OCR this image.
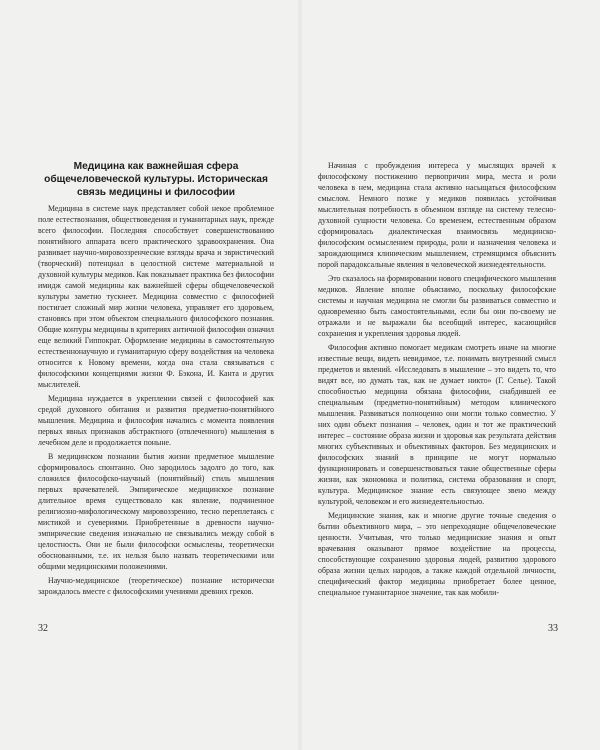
Медицина как важнейшая сфера общечеловеческой культуры. Историческая связь медицины и философии

Медицина в системе наук представляет собой некое проблемное поле естествознания, обществоведения и гуманитарных наук, прежде всего философии. Последняя способствует совершенствованию понятийного аппарата всего практического здравоохранения. Она развивает научно-мировоззренческие взгляды врача и эвристический (творческий) потенциал в целостной системе материальной и духовной культуры медиков. Как показывает практика без философии имидж самой медицины как важнейшей сферы общечеловеческой культуры заметно тускнеет. Медицина совместно с философией постигает сложный мир жизни человека, управляет его здоровьем, становясь при этом объектом специального философского познания. Общие контуры медицины в критериях античной философии означил еще великий Гиппократ. Оформление медицины в самостоятельную естественнонаучную и гуманитарную сферу воздействия на человека относится к Новому времени, когда она стала связываться с философскими концепциями жизни Ф. Бэкона, И. Канта и других мыслителей.

Медицина нуждается в укреплении связей с философией как средой духовного обитания и развития предметно-понятийного мышления. Медицина и философия начались с момента появления первых явных признаков абстрактного (отвлеченного) мышления в лечебном деле и продолжается поныне.

В медицинском познании бытия жизни предметное мышление сформировалось спонтанно. Оно зародилось задолго до того, как сложился философско-научный (понятийный) стиль мышления первых врачевателей. Эмпирическое медицинское познание длительное время существовало как явление, подчиненное религиозно-мифологическому мировоззрению, тесно переплетаясь с мистикой и суевериями. Приобретенные в древности научно-эмпирические сведения изначально не связывались между собой в целостность. Они не были философски осмыслены, теоретически обоснованными, т.е. их нельзя было назвать теоретическими или общими медицинскими положениями.

Научно-медицинское (теоретическое) познание исторически зарождалось вместе с философскими учениями древних греков.

32

Начиная с пробуждения интереса у мыслящих врачей к философскому постижению первопричин мира, места и роли человека в нем, медицина стала активно насыщаться философским смыслом. Немного позже у медиков появилась устойчивая мыслительная потребность в объемном взгляде на систему телесно-духовной сущности человека. Со временем, естественным образом сформировалась диалектическая взаимосвязь медицинско-философским осмыслением природы, роли и назначения человека и зарождающимся клиническим мышлением, стремящимся объяснить порой парадоксальные явления в человеческой жизнедеятельности.

Это сказалось на формировании нового специфического мышления медиков. Явление вполне объяснимо, поскольку философские системы и научная медицина не смогли бы развиваться совместно и одновременно быть самостоятельными, если бы они по-своему не отражали и не выражали бы всеобщий интерес, касающийся сохранения и укрепления здоровья людей.

Философия активно помогает медикам смотреть иначе на многие известные вещи, видеть невидимое, т.е. понимать внутренний смысл предметов и явлений. «Исследовать в мышление – это видеть то, что видят все, но думать так, как не думает никто» (Г. Селье). Такой способностью медицина обязана философии, снабдившей ее специальным (предметно-понятийным) методом клинического мышления. Развиваться полноценно они могли только совместно. У них один объект познания – человек, один и тот же практический интерес – состояние образа жизни и здоровья как результата действия многих субъективных и объективных факторов. Без медицинских и философских знаний в принципе не могут нормально функционировать и совершенствоваться такие общественные сферы жизни, как экономика и политика, система образования и спорт, культура. Медицинское знание есть связующее звено между культурой, человеком и его жизнедеятельностью.

Медицинские знания, как и многие другие точные сведения о бытии объективного мира, – это непреходящие общечеловеческие ценности. Учитывая, что только медицинские знания и опыт врачевания оказывают прямое воздействие на процессы, способствующие сохранению здоровья людей, развитию здорового образа жизни целых народов, а также каждой отдельной личности, специфический фактор медицины приобретает более ценное, специальное гуманитарное значение, так как мобили-

33
